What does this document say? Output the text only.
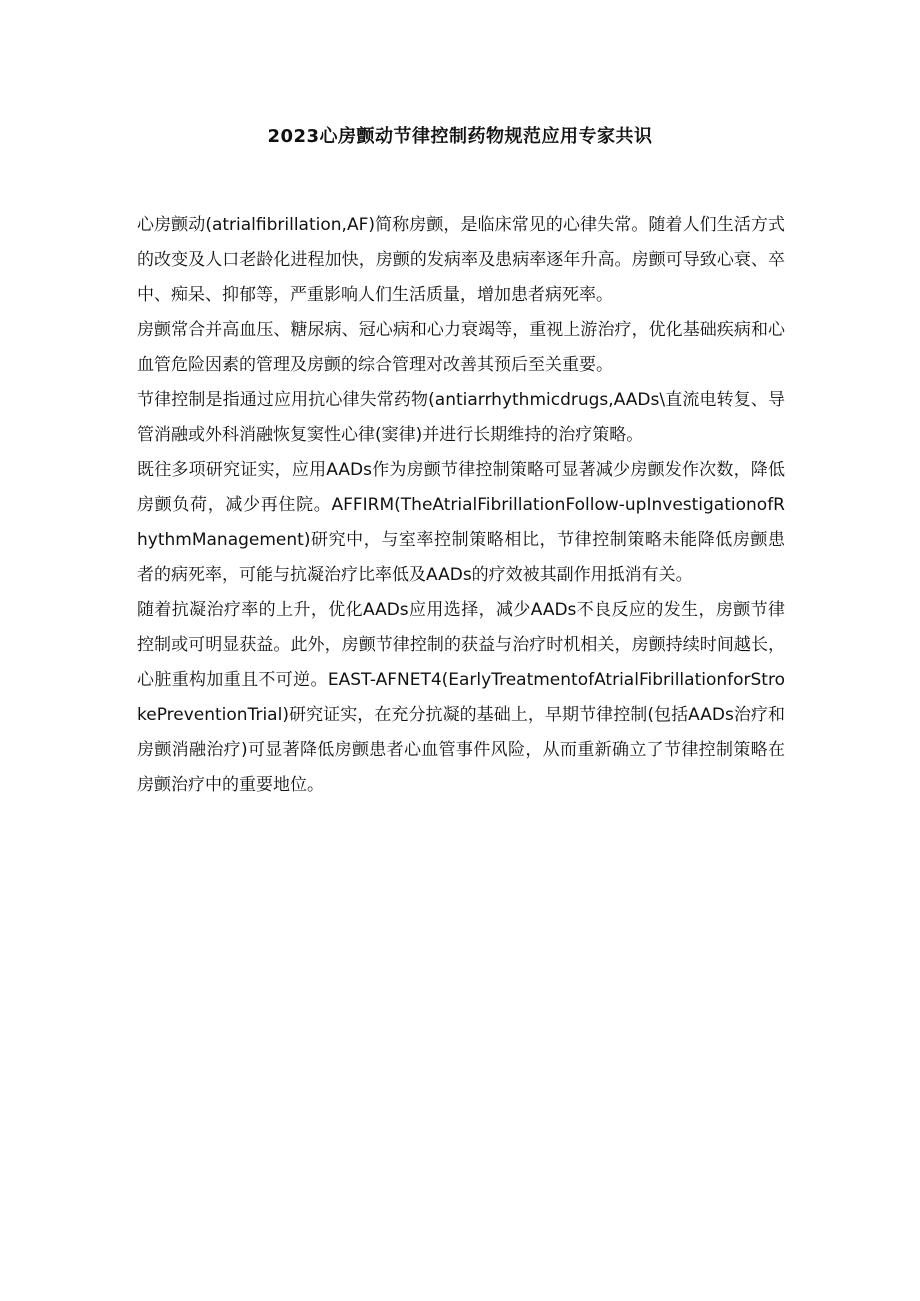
2023心房颤动节律控制药物规范应用专家共识

心房颤动(atrialfibrillation,AF)简称房颤，是临床常见的心律失常。随着人们生活方式的改变及人口老龄化进程加快，房颤的发病率及患病率逐年升高。房颤可导致心衰、卒中、痴呆、抑郁等，严重影响人们生活质量，增加患者病死率。

房颤常合并高血压、糖尿病、冠心病和心力衰竭等，重视上游治疗，优化基础疾病和心血管危险因素的管理及房颤的综合管理对改善其预后至关重要。

节律控制是指通过应用抗心律失常药物(antiarrhythmicdrugs,AADs\直流电转复、导管消融或外科消融恢复窦性心律(窦律)并进行长期维持的治疗策略。

既往多项研究证实，应用AADs作为房颤节律控制策略可显著减少房颤发作次数，降低房颤负荷，减少再住院。AFFIRM(TheAtrialFibrillationFollow-upInvestigationofRhythmManagement)研究中，与室率控制策略相比，节律控制策略未能降低房颤患者的病死率，可能与抗凝治疗比率低及AADs的疗效被其副作用抵消有关。

随着抗凝治疗率的上升，优化AADs应用选择，减少AADs不良反应的发生，房颤节律控制或可明显获益。此外，房颤节律控制的获益与治疗时机相关，房颤持续时间越长，心脏重构加重且不可逆。EAST-AFNET4(EarlyTreatmentofAtrialFibrillationforStrokePreventionTrial)研究证实，在充分抗凝的基础上，早期节律控制(包括AADs治疗和房颤消融治疗)可显著降低房颤患者心血管事件风险，从而重新确立了节律控制策略在房颤治疗中的重要地位。
